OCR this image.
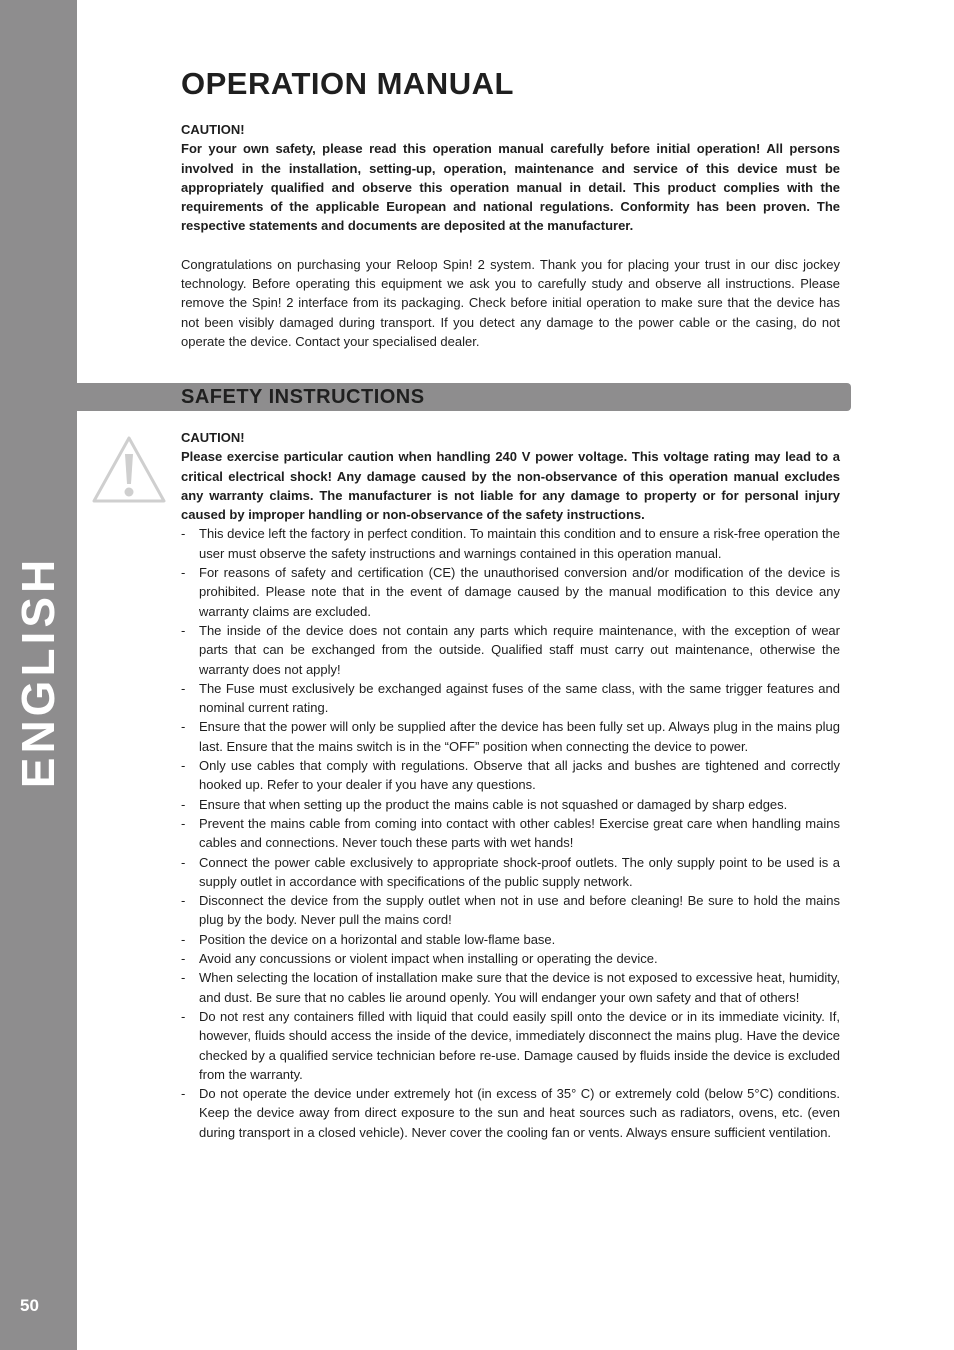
ENGLISH
50
OPERATION MANUAL

CAUTION!

For your own safety, please read this operation manual carefully before initial operation! All persons involved in the installation, setting-up, operation, maintenance and service of this device must be appropriately qualified and observe this operation manual in detail. This product complies with the requirements of the applicable European and national regulations. Conformity has been proven. The respective statements and documents are deposited at the manufacturer.

Congratulations on purchasing your Reloop Spin! 2 system. Thank you for placing your trust in our disc jockey technology. Before operating this equipment we ask you to carefully study and observe all instructions. Please remove the Spin! 2 interface from its packaging. Check before initial operation to make sure that the device has not been visibly damaged during transport. If you detect any damage to the power cable or the casing, do not operate the device. Contact your specialised dealer.

SAFETY INSTRUCTIONS

CAUTION!

Please exercise particular caution when handling 240 V power voltage. This voltage rating may lead to a critical electrical shock! Any damage caused by the non-observance of this operation manual excludes any warranty claims. The manufacturer is not liable for any damage to property or for personal injury caused by improper handling or non-observance of the safety instructions.

- This device left the factory in perfect condition. To maintain this condition and to ensure a risk-free operation the user must observe the safety instructions and warnings contained in this operation manual.
- For reasons of safety and certification (CE) the unauthorised conversion and/or modification of the device is prohibited. Please note that in the event of damage caused by the manual modification to this device any warranty claims are excluded.
- The inside of the device does not contain any parts which require maintenance, with the exception of wear parts that can be exchanged from the outside. Qualified staff must carry out maintenance, otherwise the warranty does not apply!
- The Fuse must exclusively be exchanged against fuses of the same class, with the same trigger features and nominal current rating.
- Ensure that the power will only be supplied after the device has been fully set up. Always plug in the mains plug last. Ensure that the mains switch is in the “OFF” position when connecting the device to power.
- Only use cables that comply with regulations. Observe that all jacks and bushes are tightened and correctly hooked up. Refer to your dealer if you have any questions.
- Ensure that when setting up the product the mains cable is not squashed or damaged by sharp edges.
- Prevent the mains cable from coming into contact with other cables! Exercise great care when handling mains cables and connections. Never touch these parts with wet hands!
- Connect the power cable exclusively to appropriate shock-proof outlets. The only supply point to be used is a supply outlet in accordance with specifications of the public supply network.
- Disconnect the device from the supply outlet when not in use and before cleaning! Be sure to hold the mains plug by the body. Never pull the mains cord!
- Position the device on a horizontal and stable low-flame base.
- Avoid any concussions or violent impact when installing or operating the device.
- When selecting the location of installation make sure that the device is not exposed to excessive heat, humidity, and dust. Be sure that no cables lie around openly. You will endanger your own safety and that of others!
- Do not rest any containers filled with liquid that could easily spill onto the device or in its immediate vicinity. If, however, fluids should access the inside of the device, immediately disconnect the mains plug. Have the device checked by a qualified service technician before re-use. Damage caused by fluids inside the device is excluded from the warranty.
- Do not operate the device under extremely hot (in excess of 35° C) or extremely cold (below 5°C) conditions. Keep the device away from direct exposure to the sun and heat sources such as radiators, ovens, etc. (even during transport in a closed vehicle). Never cover the cooling fan or vents. Always ensure sufficient ventilation.
